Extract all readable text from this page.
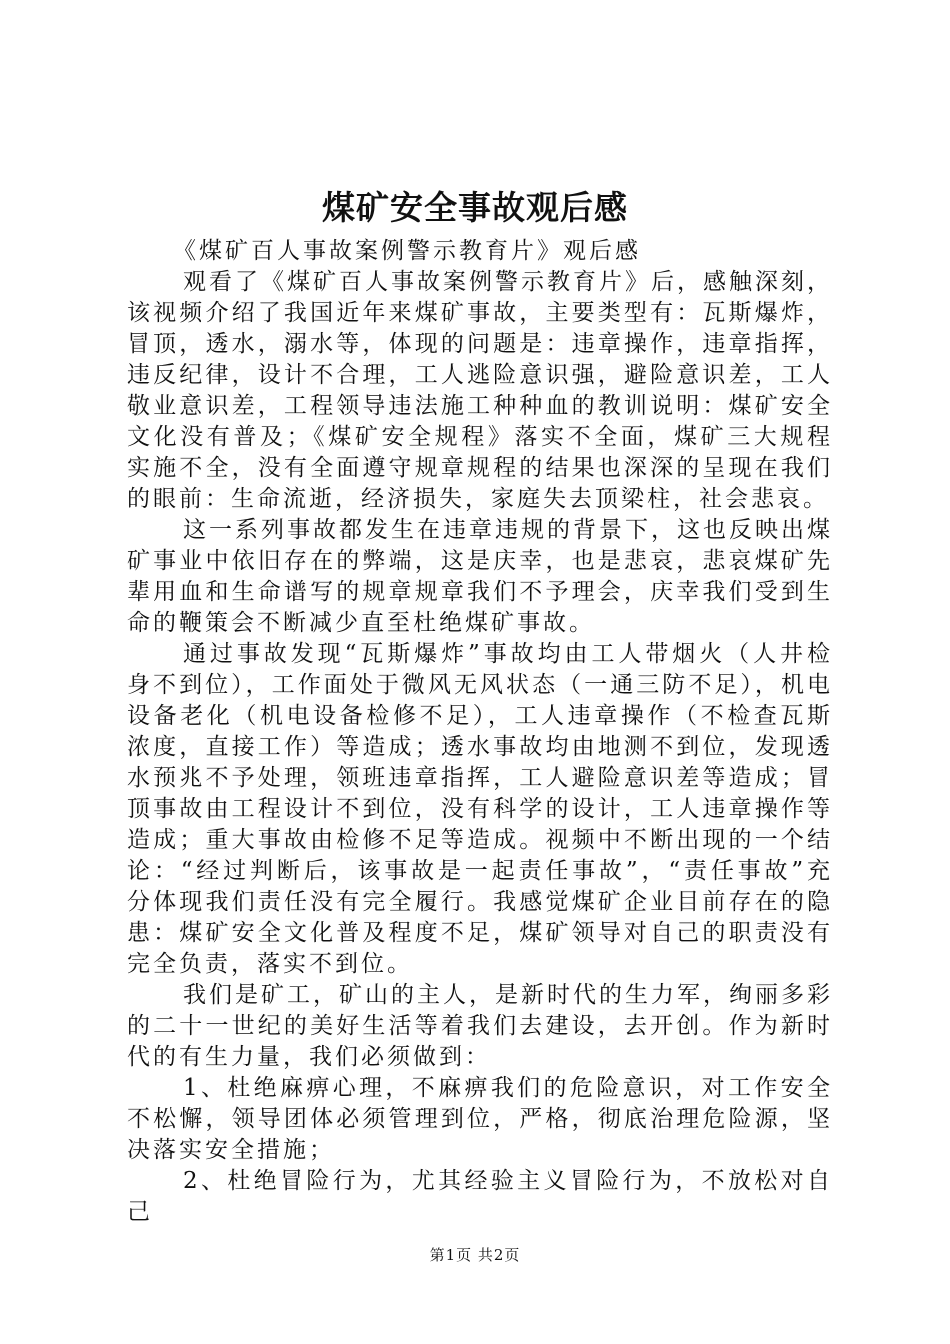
煤矿安全事故观后感

《煤矿百人事故案例警示教育片》观后感

观看了《煤矿百人事故案例警示教育片》后，感触深刻，该视频介绍了我国近年来煤矿事故，主要类型有：瓦斯爆炸，冒顶，透水，溺水等，体现的问题是：违章操作，违章指挥，违反纪律，设计不合理，工人逃险意识强，避险意识差，工人敬业意识差，工程领导违法施工种种血的教训说明：煤矿安全文化没有普及；《煤矿安全规程》落实不全面，煤矿三大规程实施不全，没有全面遵守规章规程的结果也深深的呈现在我们的眼前：生命流逝，经济损失，家庭失去顶梁柱，社会悲哀。

这一系列事故都发生在违章违规的背景下，这也反映出煤矿事业中依旧存在的弊端，这是庆幸，也是悲哀，悲哀煤矿先辈用血和生命谱写的规章规章我们不予理会，庆幸我们受到生命的鞭策会不断减少直至杜绝煤矿事故。

通过事故发现“瓦斯爆炸”事故均由工人带烟火（人井检身不到位），工作面处于微风无风状态（一通三防不足），机电设备老化（机电设备检修不足），工人违章操作（不检查瓦斯浓度，直接工作）等造成；透水事故均由地测不到位，发现透水预兆不予处理，领班违章指挥，工人避险意识差等造成；冒顶事故由工程设计不到位，没有科学的设计，工人违章操作等造成；重大事故由检修不足等造成。视频中不断出现的一个结论：“经过判断后，该事故是一起责任事故”，“责任事故”充分体现我们责任没有完全履行。我感觉煤矿企业目前存在的隐患：煤矿安全文化普及程度不足，煤矿领导对自己的职责没有完全负责，落实不到位。

我们是矿工，矿山的主人，是新时代的生力军，绚丽多彩的二十一世纪的美好生活等着我们去建设，去开创。作为新时代的有生力量，我们必须做到：

1、杜绝麻痹心理，不麻痹我们的危险意识，对工作安全不松懈，领导团体必须管理到位，严格，彻底治理危险源，坚决落实安全措施；

2、杜绝冒险行为，尤其经验主义冒险行为，不放松对自己

第1页 共2页
